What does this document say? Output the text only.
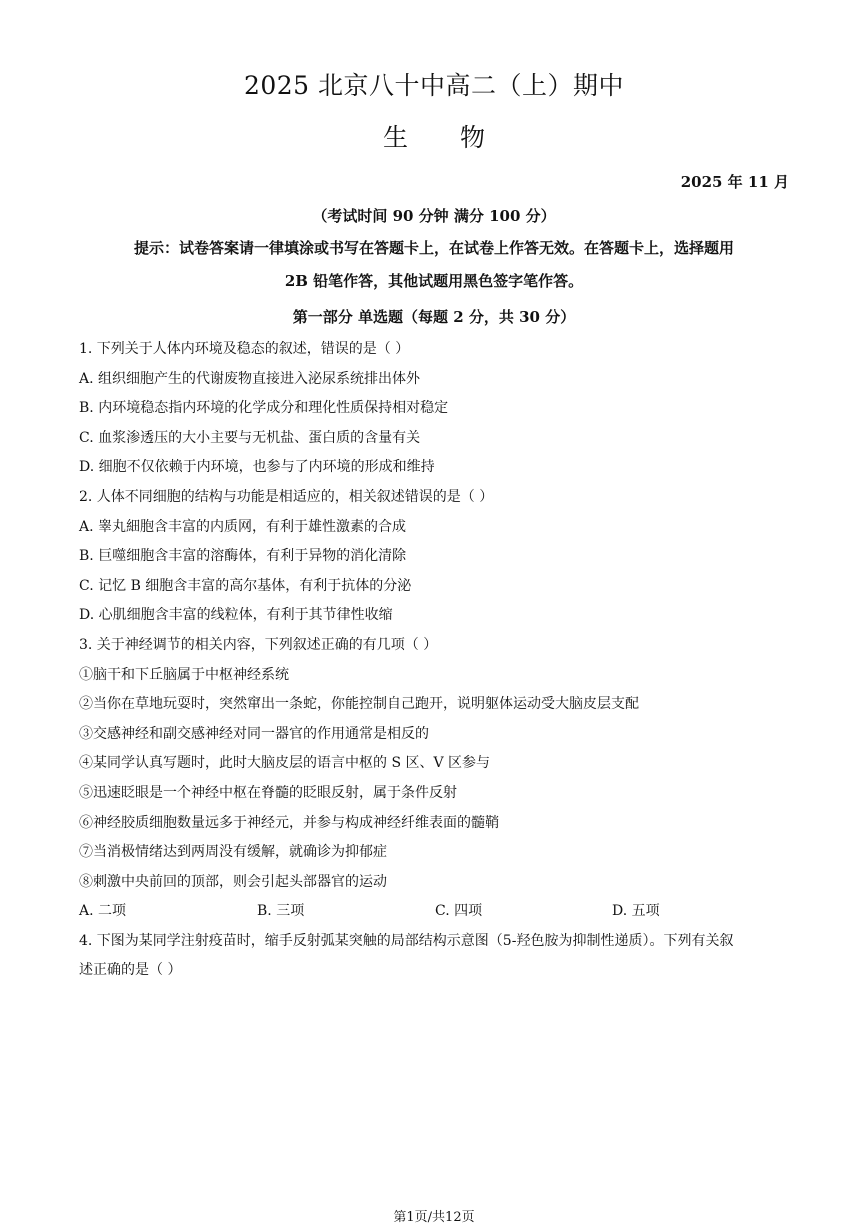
2025 北京八十中高二（上）期中
生 物
2025 年 11 月
（考试时间 90 分钟 满分 100 分）
提示：试卷答案请一律填涂或书写在答题卡上，在试卷上作答无效。在答题卡上，选择题用
2B 铅笔作答，其他试题用黑色签字笔作答。
第一部分 单选题（每题 2 分，共 30 分）
1. 下列关于人体内环境及稳态的叙述，错误的是（ ）
A. 组织细胞产生的代谢废物直接进入泌尿系统排出体外
B. 内环境稳态指内环境的化学成分和理化性质保持相对稳定
C. 血浆渗透压的大小主要与无机盐、蛋白质的含量有关
D. 细胞不仅依赖于内环境，也参与了内环境的形成和维持
2. 人体不同细胞的结构与功能是相适应的，相关叙述错误的是（ ）
A. 睾丸細胞含丰富的内质网，有利于雄性激素的合成
B. 巨噬细胞含丰富的溶酶体，有利于异物的消化清除
C. 记忆 B 细胞含丰富的高尔基体，有利于抗体的分泌
D. 心肌细胞含丰富的线粒体，有利于其节律性收缩
3. 关于神经调节的相关内容，下列叙述正确的有几项（ ）
①脑干和下丘脑属于中枢神经系统
②当你在草地玩耍时，突然窜出一条蛇，你能控制自己跑开，说明躯体运动受大脑皮层支配
③交感神经和副交感神经对同一器官的作用通常是相反的
④某同学认真写题时，此时大脑皮层的语言中枢的 S 区、V 区参与
⑤迅速眨眼是一个神经中枢在脊髓的眨眼反射，属于条件反射
⑥神经胶质细胞数量远多于神经元，并参与构成神经纤维表面的髓鞘
⑦当消极情绪达到两周没有缓解，就确诊为抑郁症
⑧刺激中央前回的顶部，则会引起头部器官的运动
A. 二项	B. 三项	C. 四项	D. 五项
4. 下图为某同学注射疫苗时，缩手反射弧某突触的局部结构示意图（5-羟色胺为抑制性递质）。下列有关叙
述正确的是（ ）
第1页/共12页
